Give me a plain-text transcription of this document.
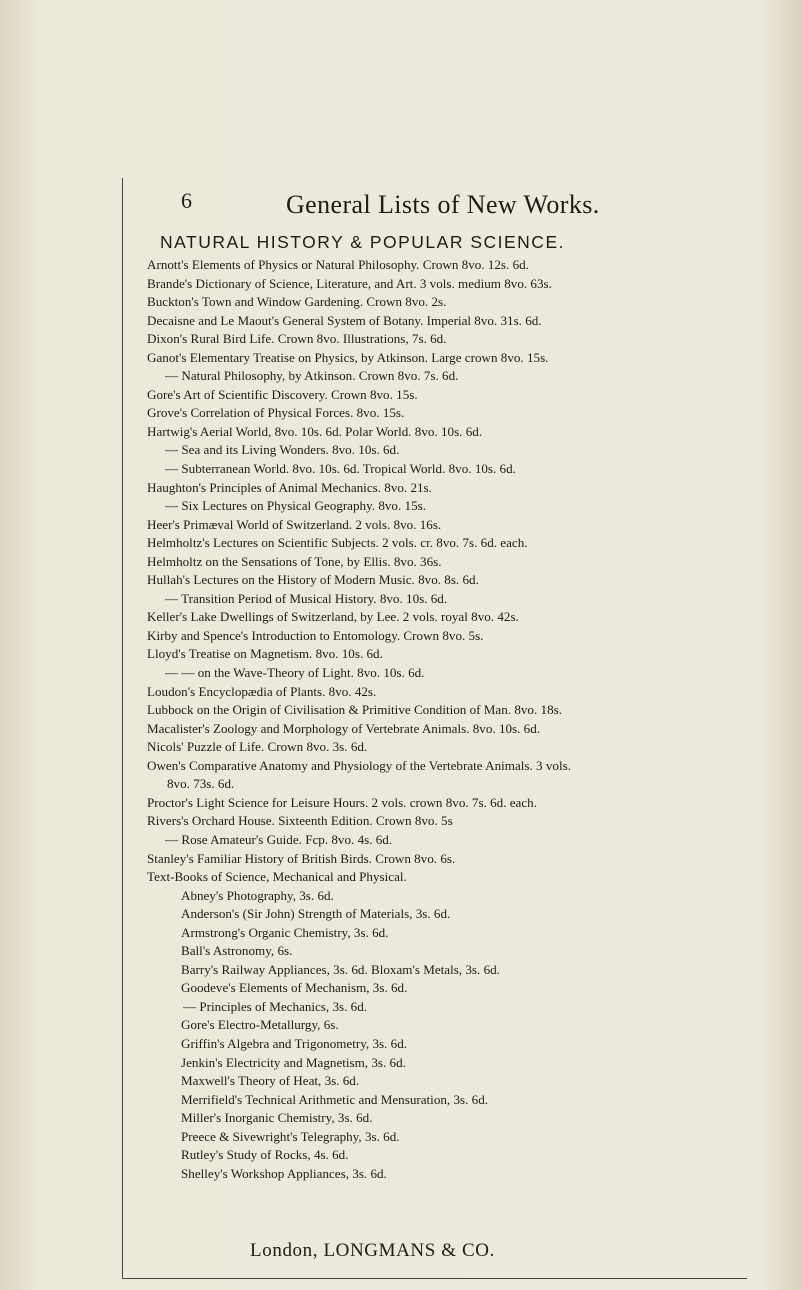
6	General Lists of New Works.
NATURAL HISTORY & POPULAR SCIENCE.
Arnott's Elements of Physics or Natural Philosophy. Crown 8vo. 12s. 6d.
Brande's Dictionary of Science, Literature, and Art. 3 vols. medium 8vo. 63s.
Buckton's Town and Window Gardening. Crown 8vo. 2s.
Decaisne and Le Maout's General System of Botany. Imperial 8vo. 31s. 6d.
Dixon's Rural Bird Life. Crown 8vo. Illustrations, 7s. 6d.
Ganot's Elementary Treatise on Physics, by Atkinson. Large crown 8vo. 15s.
— Natural Philosophy, by Atkinson. Crown 8vo. 7s. 6d.
Gore's Art of Scientific Discovery. Crown 8vo. 15s.
Grove's Correlation of Physical Forces. 8vo. 15s.
Hartwig's Aerial World, 8vo. 10s. 6d. Polar World. 8vo. 10s. 6d.
— Sea and its Living Wonders. 8vo. 10s. 6d.
— Subterranean World. 8vo. 10s. 6d. Tropical World. 8vo. 10s. 6d.
Haughton's Principles of Animal Mechanics. 8vo. 21s.
— Six Lectures on Physical Geography. 8vo. 15s.
Heer's Primæval World of Switzerland. 2 vols. 8vo. 16s.
Helmholtz's Lectures on Scientific Subjects. 2 vols. cr. 8vo. 7s. 6d. each.
Helmholtz on the Sensations of Tone, by Ellis. 8vo. 36s.
Hullah's Lectures on the History of Modern Music. 8vo. 8s. 6d.
— Transition Period of Musical History. 8vo. 10s. 6d.
Keller's Lake Dwellings of Switzerland, by Lee. 2 vols. royal 8vo. 42s.
Kirby and Spence's Introduction to Entomology. Crown 8vo. 5s.
Lloyd's Treatise on Magnetism. 8vo. 10s. 6d.
— — on the Wave-Theory of Light. 8vo. 10s. 6d.
Loudon's Encyclopædia of Plants. 8vo. 42s.
Lubbock on the Origin of Civilisation & Primitive Condition of Man. 8vo. 18s.
Macalister's Zoology and Morphology of Vertebrate Animals. 8vo. 10s. 6d.
Nicols' Puzzle of Life. Crown 8vo. 3s. 6d.
Owen's Comparative Anatomy and Physiology of the Vertebrate Animals. 3 vols.
8vo. 73s. 6d.
Proctor's Light Science for Leisure Hours. 2 vols. crown 8vo. 7s. 6d. each.
Rivers's Orchard House. Sixteenth Edition. Crown 8vo. 5s
— Rose Amateur's Guide. Fcp. 8vo. 4s. 6d.
Stanley's Familiar History of British Birds. Crown 8vo. 6s.
Text-Books of Science, Mechanical and Physical.
Abney's Photography, 3s. 6d.
Anderson's (Sir John) Strength of Materials, 3s. 6d.
Armstrong's Organic Chemistry, 3s. 6d.
Ball's Astronomy, 6s.
Barry's Railway Appliances, 3s. 6d. Bloxam's Metals, 3s. 6d.
Goodeve's Elements of Mechanism, 3s. 6d.
— Principles of Mechanics, 3s. 6d.
Gore's Electro-Metallurgy, 6s.
Griffin's Algebra and Trigonometry, 3s. 6d.
Jenkin's Electricity and Magnetism, 3s. 6d.
Maxwell's Theory of Heat, 3s. 6d.
Merrifield's Technical Arithmetic and Mensuration, 3s. 6d.
Miller's Inorganic Chemistry, 3s. 6d.
Preece & Sivewright's Telegraphy, 3s. 6d.
Rutley's Study of Rocks, 4s. 6d.
Shelley's Workshop Appliances, 3s. 6d.
London, LONGMANS & CO.
